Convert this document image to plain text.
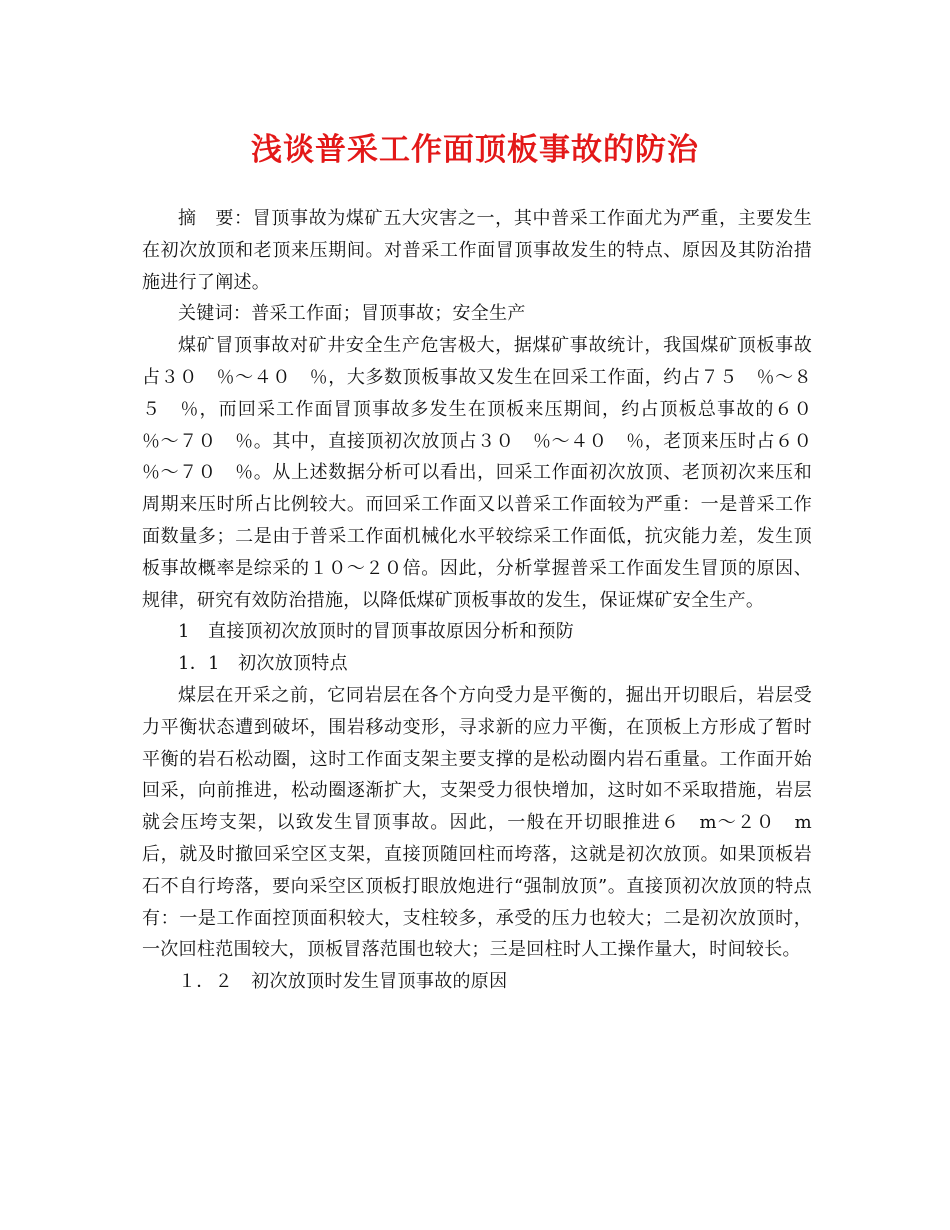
浅谈普采工作面顶板事故的防治

摘　要：冒顶事故为煤矿五大灾害之一，其中普采工作面尤为严重，主要发生在初次放顶和老顶来压期间。对普采工作面冒顶事故发生的特点、原因及其防治措施进行了阐述。

关键词：普采工作面；冒顶事故；安全生产

煤矿冒顶事故对矿井安全生产危害极大，据煤矿事故统计，我国煤矿顶板事故占３０　％～４０　％，大多数顶板事故又发生在回采工作面，约占７５　％～８５　％，而回采工作面冒顶事故多发生在顶板来压期间，约占顶板总事故的６０　％～７０　％。其中，直接顶初次放顶占３０　％～４０　％，老顶来压时占６０　％～７０　％。从上述数据分析可以看出，回采工作面初次放顶、老顶初次来压和周期来压时所占比例较大。而回采工作面又以普采工作面较为严重：一是普采工作面数量多；二是由于普采工作面机械化水平较综采工作面低，抗灾能力差，发生顶板事故概率是综采的１０～２０倍。因此，分析掌握普采工作面发生冒顶的原因、规律，研究有效防治措施，以降低煤矿顶板事故的发生，保证煤矿安全生产。

1　直接顶初次放顶时的冒顶事故原因分析和预防

1．1　初次放顶特点

煤层在开采之前，它同岩层在各个方向受力是平衡的，掘出开切眼后，岩层受力平衡状态遭到破坏，围岩移动变形，寻求新的应力平衡，在顶板上方形成了暂时平衡的岩石松动圈，这时工作面支架主要支撑的是松动圈内岩石重量。工作面开始回采，向前推进，松动圈逐渐扩大，支架受力很快增加，这时如不采取措施，岩层就会压垮支架，以致发生冒顶事故。因此，一般在开切眼推进６　m～２０　m后，就及时撤回采空区支架，直接顶随回柱而垮落，这就是初次放顶。如果顶板岩石不自行垮落，要向采空区顶板打眼放炮进行“强制放顶”。直接顶初次放顶的特点有：一是工作面控顶面积较大，支柱较多，承受的压力也较大；二是初次放顶时，一次回柱范围较大，顶板冒落范围也较大；三是回柱时人工操作量大，时间较长。

１．２　初次放顶时发生冒顶事故的原因
